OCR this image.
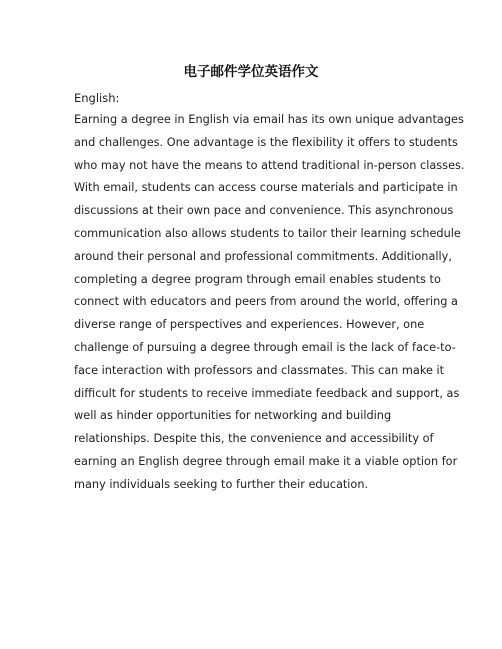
电子邮件学位英语作文
English:

Earning a degree in English via email has its own unique advantages
and challenges. One advantage is the flexibility it offers to students
who may not have the means to attend traditional in-person classes.
With email, students can access course materials and participate in
discussions at their own pace and convenience. This asynchronous
communication also allows students to tailor their learning schedule
around their personal and professional commitments. Additionally,
completing a degree program through email enables students to
connect with educators and peers from around the world, offering a
diverse range of perspectives and experiences. However, one
challenge of pursuing a degree through email is the lack of face-to-
face interaction with professors and classmates. This can make it
difficult for students to receive immediate feedback and support, as
well as hinder opportunities for networking and building
relationships. Despite this, the convenience and accessibility of
earning an English degree through email make it a viable option for
many individuals seeking to further their education.
